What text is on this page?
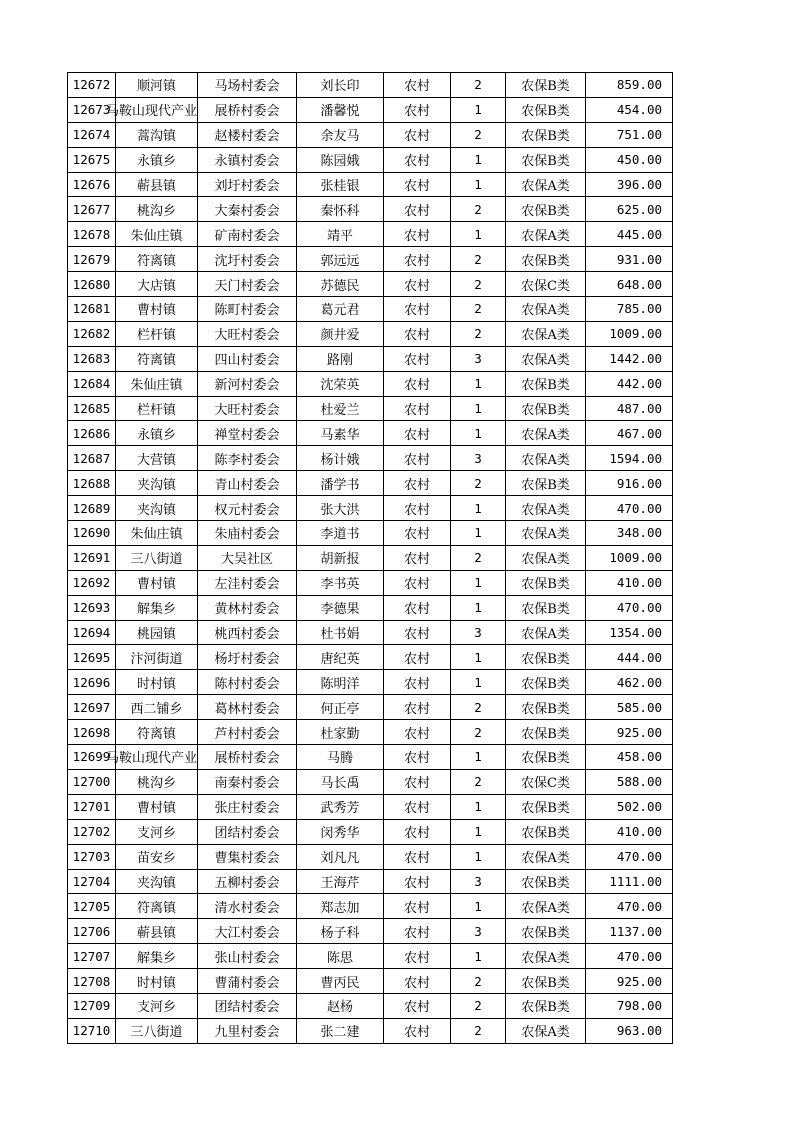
12672	顺河镇	马场村委会	刘长印	农村	2	农保B类	859.00
12673	马鞍山现代产业	展桥村委会	潘馨悦	农村	1	农保B类	454.00
12674	蒿沟镇	赵楼村委会	余友马	农村	2	农保B类	751.00
12675	永镇乡	永镇村委会	陈园娥	农村	1	农保B类	450.00
12676	蕲县镇	刘圩村委会	张桂银	农村	1	农保A类	396.00
12677	桃沟乡	大秦村委会	秦怀科	农村	2	农保B类	625.00
12678	朱仙庄镇	矿南村委会	靖平	农村	1	农保A类	445.00
12679	符离镇	沈圩村委会	郭远远	农村	2	农保B类	931.00
12680	大店镇	天门村委会	苏德民	农村	2	农保C类	648.00
12681	曹村镇	陈町村委会	葛元君	农村	2	农保A类	785.00
12682	栏杆镇	大旺村委会	颜井爱	农村	2	农保A类	1009.00
12683	符离镇	四山村委会	路刚	农村	3	农保A类	1442.00
12684	朱仙庄镇	新河村委会	沈荣英	农村	1	农保B类	442.00
12685	栏杆镇	大旺村委会	杜爱兰	农村	1	农保B类	487.00
12686	永镇乡	禅堂村委会	马素华	农村	1	农保A类	467.00
12687	大营镇	陈李村委会	杨计娥	农村	3	农保A类	1594.00
12688	夹沟镇	青山村委会	潘学书	农村	2	农保B类	916.00
12689	夹沟镇	权元村委会	张大洪	农村	1	农保A类	470.00
12690	朱仙庄镇	朱庙村委会	李道书	农村	1	农保A类	348.00
12691	三八街道	大吴社区	胡新报	农村	2	农保A类	1009.00
12692	曹村镇	左洼村委会	李书英	农村	1	农保B类	410.00
12693	解集乡	黄林村委会	李德果	农村	1	农保B类	470.00
12694	桃园镇	桃西村委会	杜书娟	农村	3	农保A类	1354.00
12695	汴河街道	杨圩村委会	唐纪英	农村	1	农保B类	444.00
12696	时村镇	陈村村委会	陈明洋	农村	1	农保B类	462.00
12697	西二铺乡	葛林村委会	何正亭	农村	2	农保B类	585.00
12698	符离镇	芦村村委会	杜家勤	农村	2	农保B类	925.00
12699	马鞍山现代产业	展桥村委会	马腾	农村	1	农保B类	458.00
12700	桃沟乡	南秦村委会	马长禹	农村	2	农保C类	588.00
12701	曹村镇	张庄村委会	武秀芳	农村	1	农保B类	502.00
12702	支河乡	团结村委会	闵秀华	农村	1	农保B类	410.00
12703	苗安乡	曹集村委会	刘凡凡	农村	1	农保A类	470.00
12704	夹沟镇	五柳村委会	王海芹	农村	3	农保B类	1111.00
12705	符离镇	清水村委会	郑志加	农村	1	农保A类	470.00
12706	蕲县镇	大江村委会	杨子科	农村	3	农保B类	1137.00
12707	解集乡	张山村委会	陈思	农村	1	农保A类	470.00
12708	时村镇	曹蒲村委会	曹丙民	农村	2	农保B类	925.00
12709	支河乡	团结村委会	赵杨	农村	2	农保B类	798.00
12710	三八街道	九里村委会	张二建	农村	2	农保A类	963.00
